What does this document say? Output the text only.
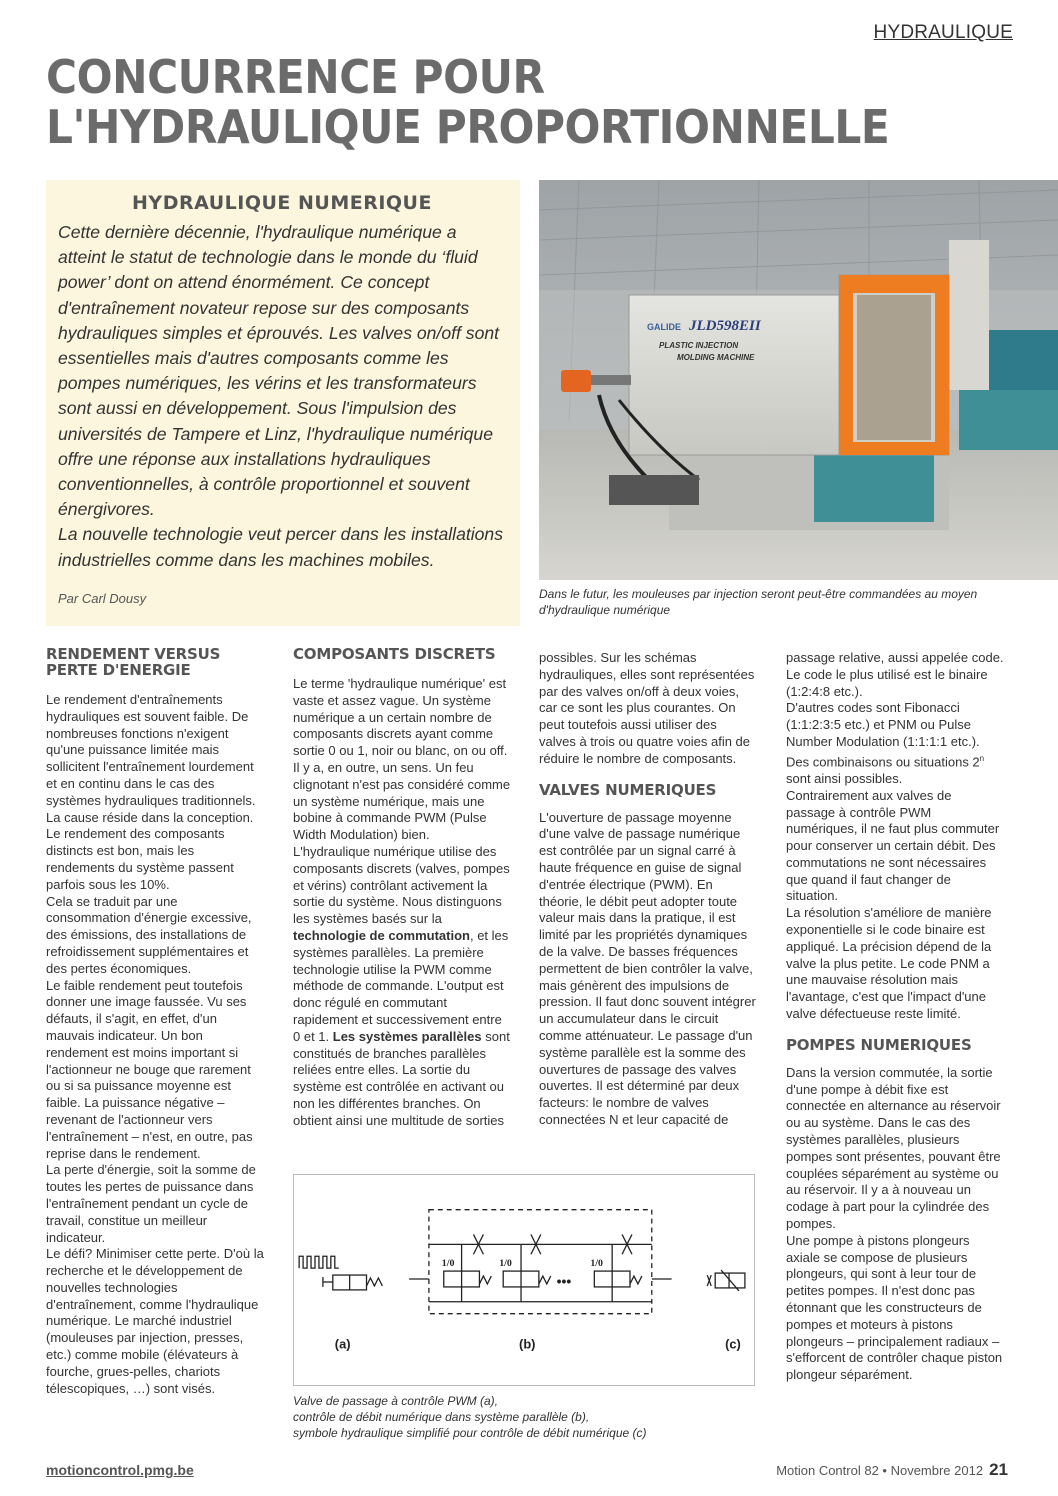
HYDRAULIQUE
CONCURRENCE POUR
L'HYDRAULIQUE PROPORTIONNELLE
HYDRAULIQUE NUMERIQUE

Cette dernière décennie, l'hydraulique numérique a atteint le statut de technologie dans le monde du ‘fluid power’ dont on attend énormément. Ce concept d'entraînement novateur repose sur des composants hydrauliques simples et éprouvés. Les valves on/off sont essentielles mais d'autres composants comme les pompes numériques, les vérins et les transformateurs sont aussi en développement. Sous l'impulsion des universités de Tampere et Linz, l'hydraulique numérique offre une réponse aux installations hydrauliques conventionnelles, à contrôle proportionnel et souvent énergivores.

La nouvelle technologie veut percer dans les installations industrielles comme dans les machines mobiles.

Par Carl Dousy
GALIDE JLD598EII
PLASTIC INJECTION
MOLDING MACHINE
Dans le futur, les mouleuses par injection seront peut-être commandées au moyen d'hydraulique numérique
RENDEMENT VERSUS PERTE D'ENERGIE

Le rendement d'entraînements hydrauliques est souvent faible. De nombreuses fonctions n'exigent qu'une puissance limitée mais sollicitent l'entraînement lourdement et en continu dans le cas des systèmes hydrauliques traditionnels. La cause réside dans la conception. Le rendement des composants distincts est bon, mais les rendements du système passent parfois sous les 10%.

Cela se traduit par une consommation d'énergie excessive, des émissions, des installations de refroidissement supplémentaires et des pertes économiques.

Le faible rendement peut toutefois donner une image faussée. Vu ses défauts, il s'agit, en effet, d'un mauvais indicateur. Un bon rendement est moins important si l'actionneur ne bouge que rarement ou si sa puissance moyenne est faible. La puissance négative – revenant de l'actionneur vers l'entraînement – n'est, en outre, pas reprise dans le rendement.

La perte d'énergie, soit la somme de toutes les pertes de puissance dans l'entraînement pendant un cycle de travail, constitue un meilleur indicateur.

Le défi? Minimiser cette perte. D'où la recherche et le développement de nouvelles technologies d'entraînement, comme l'hydraulique numérique. Le marché industriel (mouleuses par injection, presses, etc.) comme mobile (élévateurs à fourche, grues-pelles, chariots télescopiques, …) sont visés.

COMPOSANTS DISCRETS

Le terme 'hydraulique numérique' est vaste et assez vague. Un système numérique a un certain nombre de composants discrets ayant comme sortie 0 ou 1, noir ou blanc, on ou off. Il y a, en outre, un sens. Un feu clignotant n'est pas considéré comme un système numérique, mais une bobine à commande PWM (Pulse Width Modulation) bien.

L'hydraulique numérique utilise des composants discrets (valves, pompes et vérins) contrôlant activement la sortie du système. Nous distinguons les systèmes basés sur la technologie de commutation, et les systèmes parallèles. La première technologie utilise la PWM comme méthode de commande. L'output est donc régulé en commutant rapidement et successivement entre 0 et 1. Les systèmes parallèles sont constitués de branches parallèles reliées entre elles. La sortie du système est contrôlée en activant ou non les différentes branches. On obtient ainsi une multitude de sorties

possibles. Sur les schémas hydrauliques, elles sont représentées par des valves on/off à deux voies, car ce sont les plus courantes. On peut toutefois aussi utiliser des valves à trois ou quatre voies afin de réduire le nombre de composants.

VALVES NUMERIQUES

L'ouverture de passage moyenne d'une valve de passage numérique est contrôlée par un signal carré à haute fréquence en guise de signal d'entrée électrique (PWM). En théorie, le débit peut adopter toute valeur mais dans la pratique, il est limité par les propriétés dynamiques de la valve. De basses fréquences permettent de bien contrôler la valve, mais génèrent des impulsions de pression. Il faut donc souvent intégrer un accumulateur dans le circuit comme atténuateur. Le passage d'un système parallèle est la somme des ouvertures de passage des valves ouvertes. Il est déterminé par deux facteurs: le nombre de valves connectées N et leur capacité de

passage relative, aussi appelée code.

Le code le plus utilisé est le binaire (1:2:4:8 etc.).

D'autres codes sont Fibonacci (1:1:2:3:5 etc.) et PNM ou Pulse Number Modulation (1:1:1:1 etc.). Des combinaisons ou situations 2$^n$ sont ainsi possibles.

Contrairement aux valves de passage à contrôle PWM numériques, il ne faut plus commuter pour conserver un certain débit. Des commutations ne sont nécessaires que quand il faut changer de situation.

La résolution s'améliore de manière exponentielle si le code binaire est appliqué. La précision dépend de la valve la plus petite. Le code PNM a une mauvaise résolution mais l'avantage, c'est que l'impact d'une valve défectueuse reste limité.

POMPES NUMERIQUES

Dans la version commutée, la sortie d'une pompe à débit fixe est connectée en alternance au réservoir ou au système. Dans le cas des systèmes parallèles, plusieurs pompes sont présentes, pouvant être couplées séparément au système ou au réservoir. Il y a à nouveau un codage à part pour la cylindrée des pompes.

Une pompe à pistons plongeurs axiale se compose de plusieurs plongeurs, qui sont à leur tour de petites pompes. Il n'est donc pas étonnant que les constructeurs de pompes et moteurs à pistons plongeurs – principalement radiaux – s'efforcent de contrôler chaque piston plongeur séparément.

1/0	1/0	1/0
•••
(a)	(b)	(c)
Valve de passage à contrôle PWM (a),
contrôle de débit numérique dans système parallèle (b),
symbole hydraulique simplifié pour contrôle de débit numérique (c)
motioncontrol.pmg.be	Motion Control 82 • Novembre 2012 21
